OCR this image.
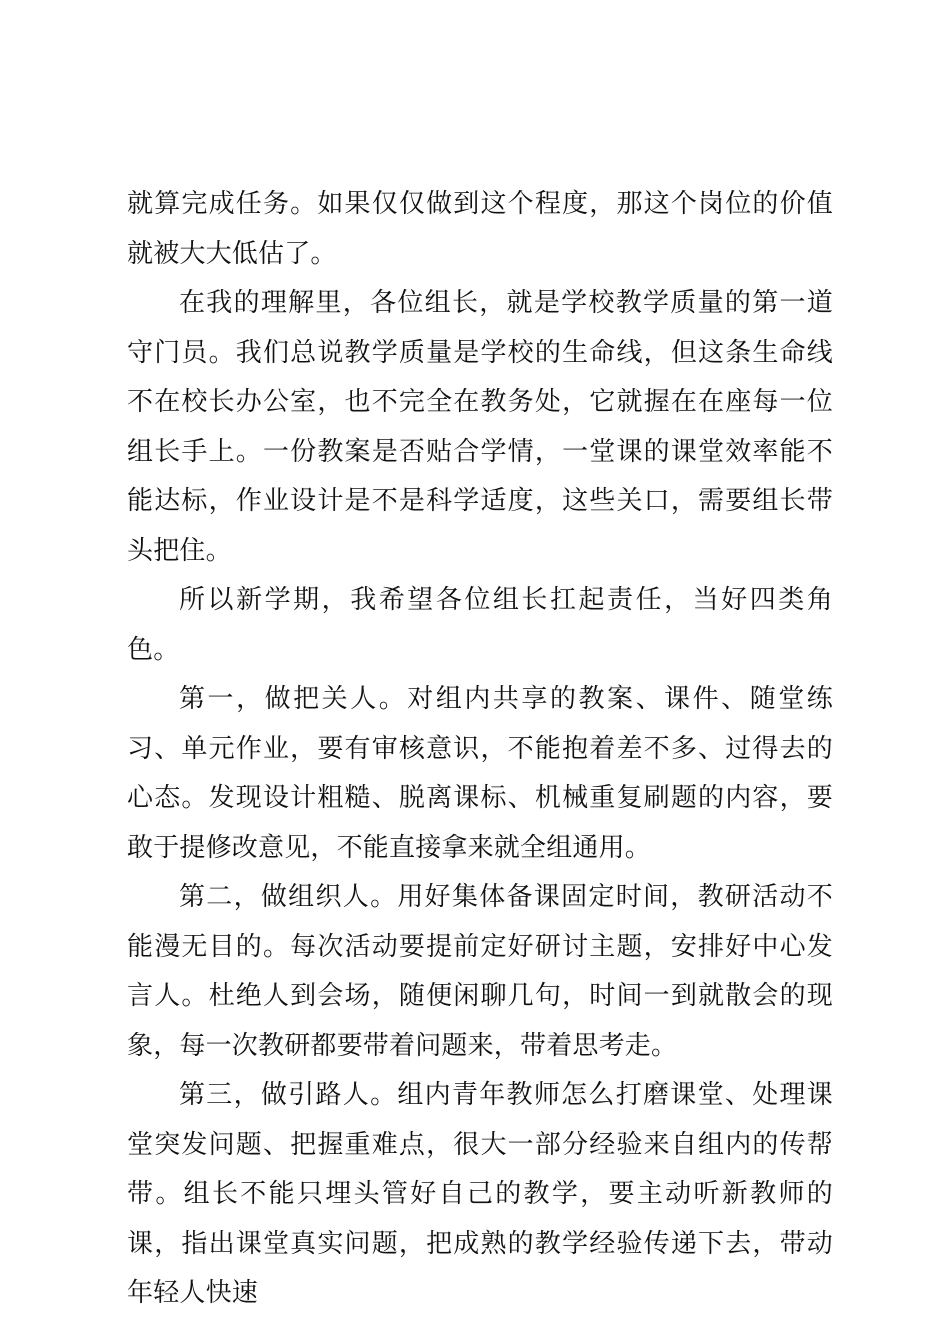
就算完成任务。如果仅仅做到这个程度，那这个岗位的价值就被大大低估了。

在我的理解里，各位组长，就是学校教学质量的第一道守门员。我们总说教学质量是学校的生命线，但这条生命线不在校长办公室，也不完全在教务处，它就握在在座每一位组长手上。一份教案是否贴合学情，一堂课的课堂效率能不能达标，作业设计是不是科学适度，这些关口，需要组长带头把住。

所以新学期，我希望各位组长扛起责任，当好四类角色。

第一，做把关人。对组内共享的教案、课件、随堂练习、单元作业，要有审核意识，不能抱着差不多、过得去的心态。发现设计粗糙、脱离课标、机械重复刷题的内容，要敢于提修改意见，不能直接拿来就全组通用。

第二，做组织人。用好集体备课固定时间，教研活动不能漫无目的。每次活动要提前定好研讨主题，安排好中心发言人。杜绝人到会场，随便闲聊几句，时间一到就散会的现象，每一次教研都要带着问题来，带着思考走。

第三，做引路人。组内青年教师怎么打磨课堂、处理课堂突发问题、把握重难点，很大一部分经验来自组内的传帮带。组长不能只埋头管好自己的教学，要主动听新教师的课，指出课堂真实问题，把成熟的教学经验传递下去，带动年轻人快速
